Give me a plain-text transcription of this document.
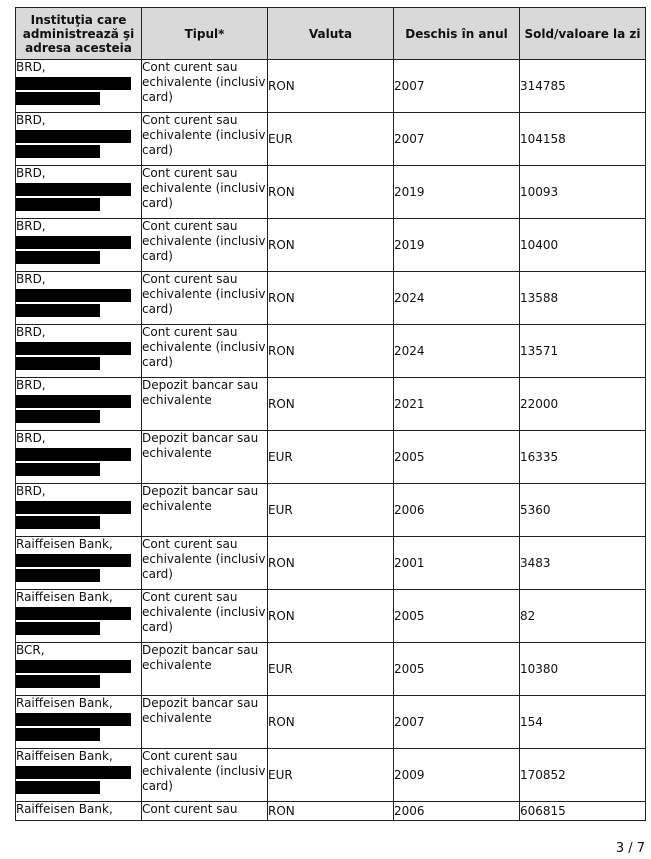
Instituţia care administrează şi adresa acesteia	Tipul*	Valuta	Deschis în anul	Sold/valoare la zi

BRD,	Cont curent sau echivalente (inclusiv card)	RON	2007	314785

BRD,	Cont curent sau echivalente (inclusiv card)	EUR	2007	104158

BRD,	Cont curent sau echivalente (inclusiv card)	RON	2019	10093

BRD,	Cont curent sau echivalente (inclusiv card)	RON	2019	10400

BRD,	Cont curent sau echivalente (inclusiv card)	RON	2024	13588

BRD,	Cont curent sau echivalente (inclusiv card)	RON	2024	13571

BRD,	Depozit bancar sau echivalente	RON	2021	22000

BRD,	Depozit bancar sau echivalente	EUR	2005	16335

BRD,	Depozit bancar sau echivalente	EUR	2006	5360

Raiffeisen Bank,	Cont curent sau echivalente (inclusiv card)	RON	2001	3483

Raiffeisen Bank,	Cont curent sau echivalente (inclusiv card)	RON	2005	82

BCR,	Depozit bancar sau echivalente	EUR	2005	10380

Raiffeisen Bank,	Depozit bancar sau echivalente	RON	2007	154

Raiffeisen Bank,	Cont curent sau echivalente (inclusiv card)	EUR	2009	170852

Raiffeisen Bank,	Cont curent sau	RON	2006	606815
3 / 7
